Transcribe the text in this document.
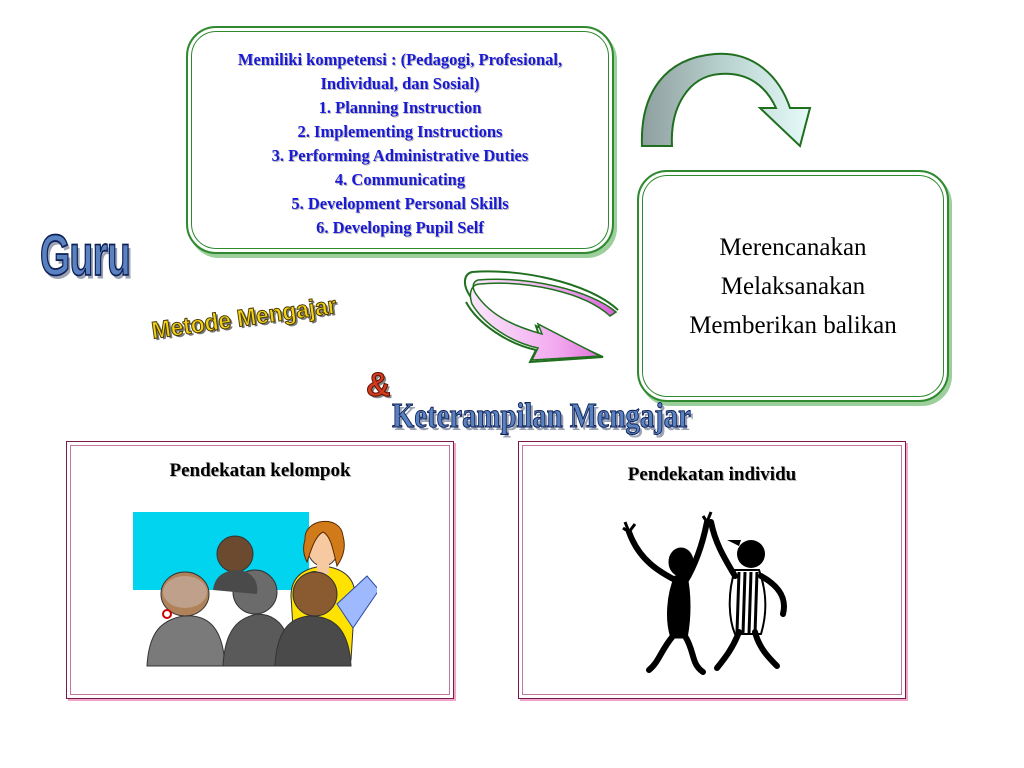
Memiliki kompetensi : (Pedagogi, Profesional,
Individual, dan Sosial)
1. Planning Instruction
2. Implementing Instructions
3. Performing Administrative Duties
4. Communicating
5. Development Personal Skills
6. Developing Pupil Self
Merencanakan
Melaksanakan
Memberikan balikan
Guru
Metode Mengajar
&
Keterampilan Mengajar
Pendekatan kelompok	Pendekatan individu
